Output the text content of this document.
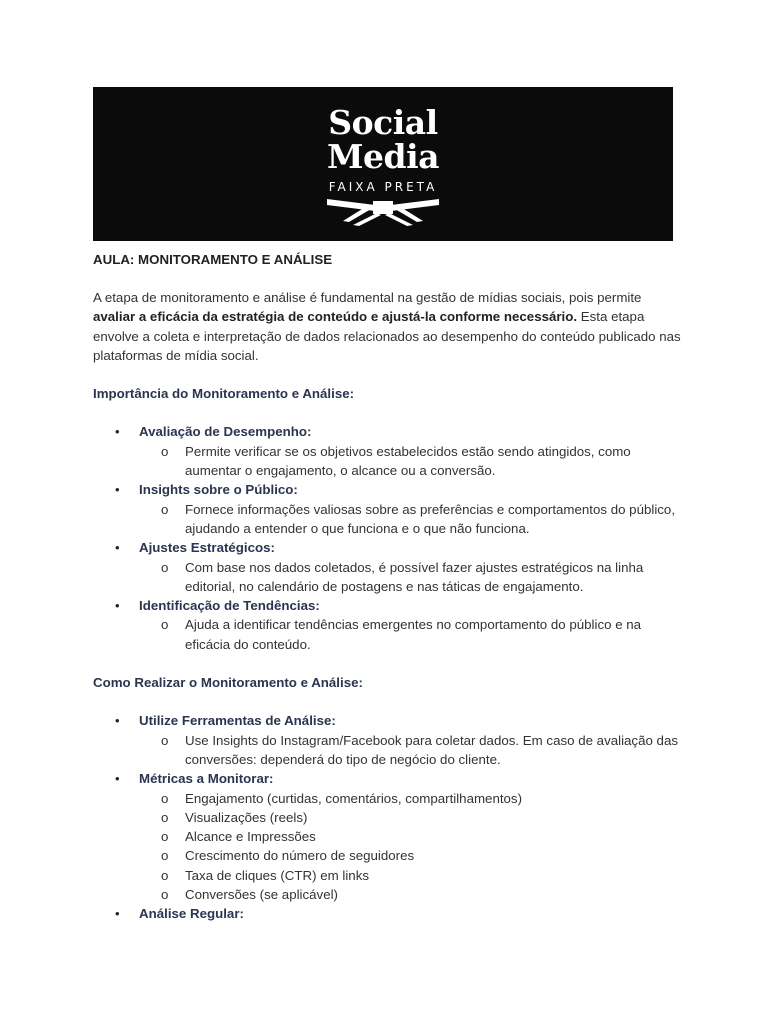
Social
Media
FAIXA PRETA

AULA: MONITORAMENTO E ANÁLISE

A etapa de monitoramento e análise é fundamental na gestão de mídias sociais, pois permite avaliar a eficácia da estratégia de conteúdo e ajustá-la conforme necessário. Esta etapa envolve a coleta e interpretação de dados relacionados ao desempenho do conteúdo publicado nas plataformas de mídia social.

Importância do Monitoramento e Análise:

• Avaliação de Desempenho:
o Permite verificar se os objetivos estabelecidos estão sendo atingidos, como aumentar o engajamento, o alcance ou a conversão.
• Insights sobre o Público:
o Fornece informações valiosas sobre as preferências e comportamentos do público, ajudando a entender o que funciona e o que não funciona.
• Ajustes Estratégicos:
o Com base nos dados coletados, é possível fazer ajustes estratégicos na linha editorial, no calendário de postagens e nas táticas de engajamento.
• Identificação de Tendências:
o Ajuda a identificar tendências emergentes no comportamento do público e na eficácia do conteúdo.

Como Realizar o Monitoramento e Análise:

• Utilize Ferramentas de Análise:
o Use Insights do Instagram/Facebook para coletar dados. Em caso de avaliação das conversões: dependerá do tipo de negócio do cliente.
• Métricas a Monitorar:
o Engajamento (curtidas, comentários, compartilhamentos)
o Visualizações (reels)
o Alcance e Impressões
o Crescimento do número de seguidores
o Taxa de cliques (CTR) em links
o Conversões (se aplicável)
• Análise Regular:
